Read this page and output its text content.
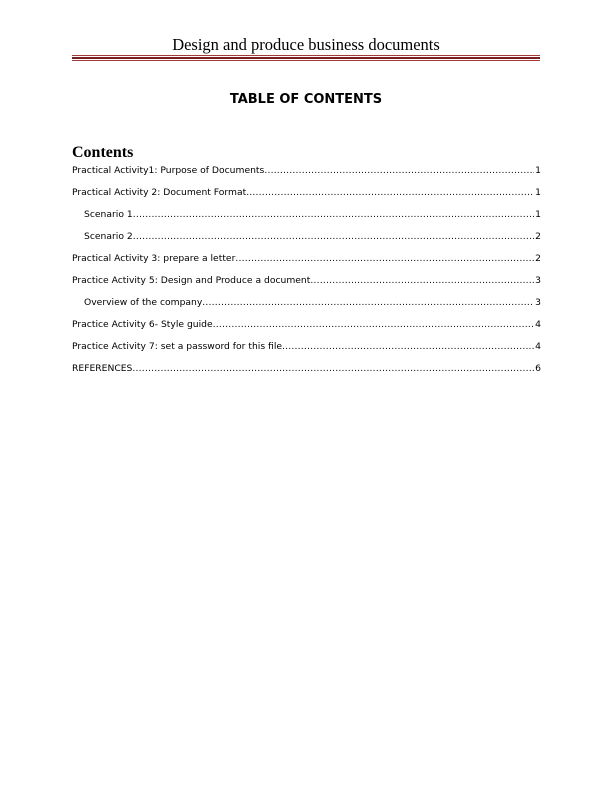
Design and produce business documents
TABLE OF CONTENTS
Contents
Practical Activity1: Purpose of Documents .....	1
Practical Activity 2: Document Format .....	1
Scenario 1 .....	1
Scenario 2 .....	2
Practical Activity 3: prepare a letter .....	2
Practice Activity 5: Design and Produce a document .....	3
Overview of the company .....	3
Practice Activity 6- Style guide .....	4
Practice Activity 7: set a password for this file .....	4
REFERENCES .....	6
